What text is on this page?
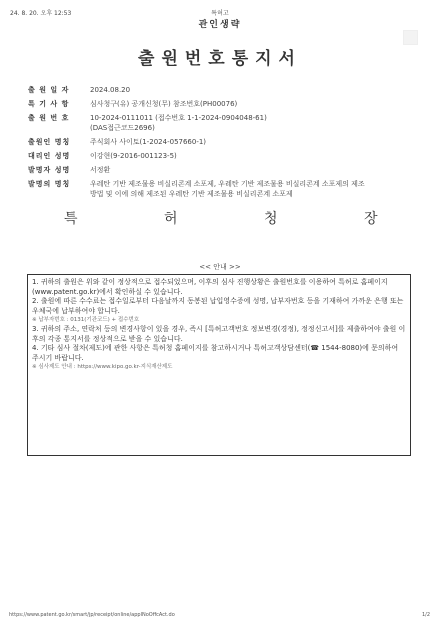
24. 8. 20. 오후 12:53	특허고
관인생략
출원번호통지서
출 원 일 자	2024.08.20
특 기 사 항	심사청구(유) 공개신청(무) 참조번호(PH00076)
출 원 번 호	10-2024-0111011 (접수번호 1-1-2024-0904048-61)
(DAS접근코드2696)
출원인 명칭	주식회사 사이토(1-2024-057660-1)
대리인 성명	이강현(9-2016-001123-5)
발명자 성명	서정환
발명의 명칭	우레탄 기반 제조물용 비실리콘계 소포제, 우레탄 기반 제조물용 비실리콘계 소포제의 제조
방법 및 이에 의해 제조된 우레탄 기반 제조물용 비실리콘계 소포제
특	허	청	장
<< 안내 >>
1. 귀하의 출원은 위와 같이 정상적으로 접수되었으며, 이후의 심사 진행상황은 출원번호를 이용하여 특허로 홈페이지(www.patent.go.kr)에서 확인하실 수 있습니다.
2. 출원에 따른 수수료는 접수일로부터 다음날까지 동봉된 납입영수증에 성명, 납부자번호 등을 기재하여 가까운 은행 또는 우체국에 납부하여야 합니다.
※ 납부자번호 : 0131(기관코드) + 접수번호
3. 귀하의 주소, 연락처 등의 변경사항이 있을 경우, 즉시 [특허고객번호 정보변경(경정), 정정신고서]를 제출하여야 출원 이후의 각종 통지서를 정상적으로 받을 수 있습니다.
4. 기타 심사 절차(제도)에 관한 사항은 특허청 홈페이지를 참고하시거나 특허고객상담센터(☎ 1544-8080)에 문의하여 주시기 바랍니다.
※ 심사제도 안내 : https://www.kipo.go.kr-지식재산제도
https://www.patent.go.kr/smart/jp/receipt/online/applNoOffcAct.do	1/2
